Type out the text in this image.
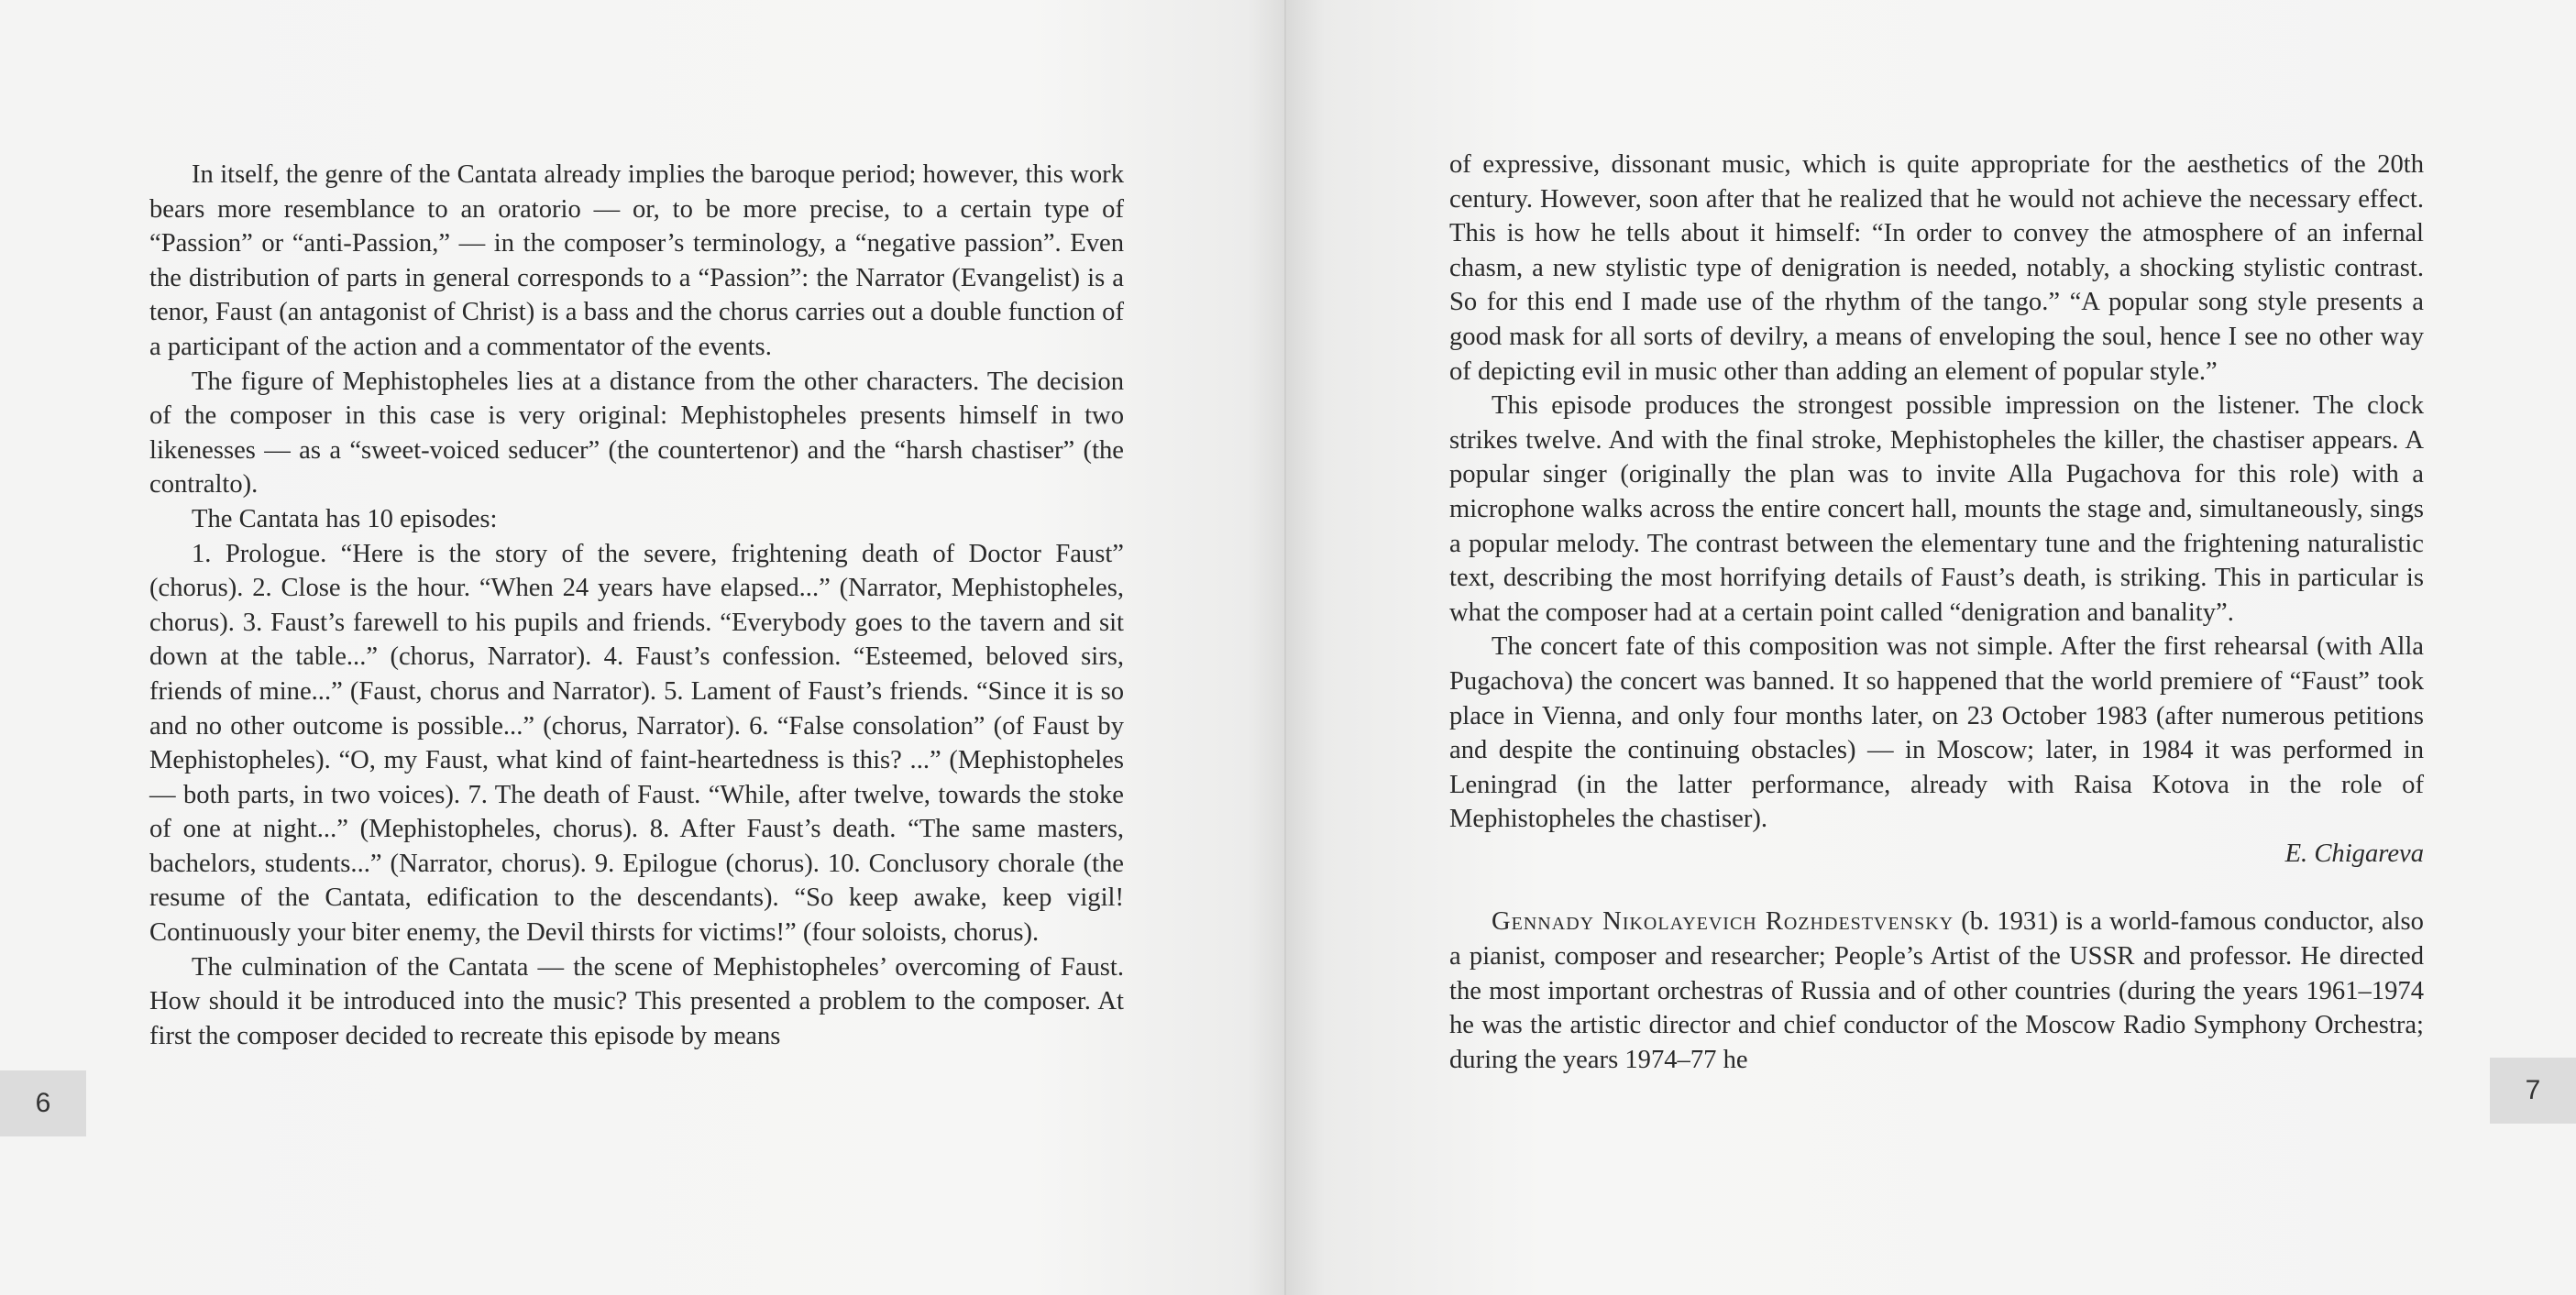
In itself, the genre of the Cantata already implies the baroque period; however, this work bears more resemblance to an oratorio — or, to be more precise, to a certain type of “Passion” or “anti-Passion,” — in the composer’s terminology, a “negative passion”. Even the distribution of parts in general corresponds to a “Passion”: the Narrator (Evangelist) is a tenor, Faust (an antagonist of Christ) is a bass and the chorus carries out a double function of a participant of the action and a commentator of the events.

The figure of Mephistopheles lies at a distance from the other characters. The decision of the composer in this case is very original: Mephistopheles presents himself in two likenesses — as a “sweet-voiced seducer” (the countertenor) and the “harsh chastiser” (the contralto).

The Cantata has 10 episodes:

1. Prologue. “Here is the story of the severe, frightening death of Doctor Faust” (chorus). 2. Close is the hour. “When 24 years have elapsed...” (Narrator, Mephistopheles, chorus). 3. Faust’s farewell to his pupils and friends. “Everybody goes to the tavern and sit down at the table...” (chorus, Narrator). 4. Faust’s confession. “Esteemed, beloved sirs, friends of mine...” (Faust, chorus and Narrator). 5. Lament of Faust’s friends. “Since it is so and no other outcome is possible...” (chorus, Narrator). 6. “False consolation” (of Faust by Mephistopheles). “O, my Faust, what kind of faint-heartedness is this? ...” (Mephistopheles — both parts, in two voices). 7. The death of Faust. “While, after twelve, towards the stoke of one at night...” (Mephistopheles, chorus). 8. After Faust’s death. “The same masters, bachelors, students...” (Narrator, chorus). 9. Epilogue (chorus). 10. Conclusory chorale (the resume of the Cantata, edification to the descendants). “So keep awake, keep vigil! Continuously your biter enemy, the Devil thirsts for victims!” (four soloists, chorus).

The culmination of the Cantata — the scene of Mephistopheles’ overcoming of Faust. How should it be introduced into the music? This presented a problem to the composer. At first the composer decided to recreate this episode by means

6

of expressive, dissonant music, which is quite appropriate for the aesthetics of the 20th century. However, soon after that he realized that he would not achieve the necessary effect. This is how he tells about it himself: “In order to convey the atmosphere of an infernal chasm, a new stylistic type of denigration is needed, notably, a shocking stylistic contrast. So for this end I made use of the rhythm of the tango.” “A popular song style presents a good mask for all sorts of devilry, a means of enveloping the soul, hence I see no other way of depicting evil in music other than adding an element of popular style.”

This episode produces the strongest possible impression on the listener. The clock strikes twelve. And with the final stroke, Mephistopheles the killer, the chastiser appears. A popular singer (originally the plan was to invite Alla Pugachova for this role) with a microphone walks across the entire concert hall, mounts the stage and, simultaneously, sings a popular melody. The contrast between the elementary tune and the frightening naturalistic text, describing the most horrifying details of Faust’s death, is striking. This in particular is what the composer had at a certain point called “denigration and banality”.

The concert fate of this composition was not simple. After the first rehearsal (with Alla Pugachova) the concert was banned. It so happened that the world premiere of “Faust” took place in Vienna, and only four months later, on 23 October 1983 (after numerous petitions and despite the continuing obstacles) — in Moscow; later, in 1984 it was performed in Leningrad (in the latter performance, already with Raisa Kotova in the role of Mephistopheles the chastiser).

E. Chigareva

Gennady Nikolayevich Rozhdestvensky (b. 1931) is a world-famous conductor, also a pianist, composer and researcher; People’s Artist of the USSR and professor. He directed the most important orchestras of Russia and of other countries (during the years 1961–1974 he was the artistic director and chief conductor of the Moscow Radio Symphony Orchestra; during the years 1974–77 he

7
